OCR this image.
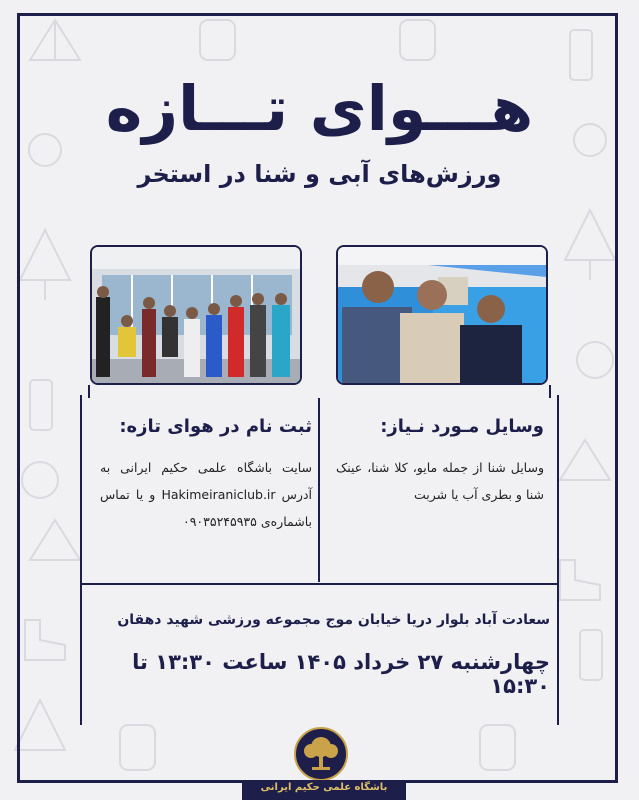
هـــوای تـــازه
ورزش‌های آبی و شنا در استخر
ثبت نام در هوای تازه:
سایت باشگاه علمی حکیم ایرانی به آدرس Hakimeiraniclub.ir و یا تماس باشماره‌ی ۰۹۰۳۵۲۴۵۹۳۵
وسایل مـورد نـیاز:
وسایل شنا از جمله مایو، کلا شنا، عینک شنا و بطری آب یا شربت
سعادت آباد بلوار دریا خیابان موج مجموعه ورزشی شهید دهقان
چهارشنبه ۲۷ خرداد ۱۴۰۵ ساعت ۱۳:۳۰ تا ۱۵:۳۰
باشگاه علمی حکیم ایرانی
